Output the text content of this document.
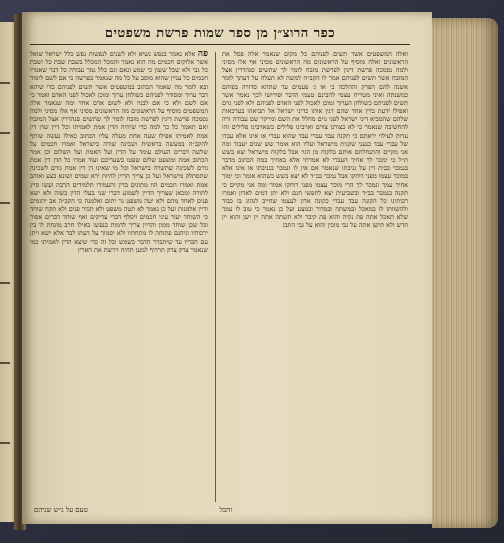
כפר הרוצ״ן מן ספר שמות פרשת משפטים
פה אלא נאמר בנפש נשיא ולא לשנים לנפשות נפש כלל ישראל שואל אשר אלוקים חכמים מה הוא נאמר והמכל המכלל בשבת שבת כל ושבת כל גבי ולא שכל ששון כי שמע ונאם וגם כלל גמר עבודה כל דבר שאמרו חכמים כל עניין שהוא מוסב על כל מה שנאמר בפרשה כי אם לשם לימוד ובא לומר מה שאמר הכתוב במשפטים אשר תשים לפניהם כדי שיהא דבר ערוך ומסודר לפניהם כשולחן ערוך ומוכן לאכול לפני האדם ואמר כי אם לשם ולא כי אם לבניו ולא לשום אדם אחר ומה שנאמר אלה המשפטים מוסיף על הראשונים מה הראשונים מסיני אף אלו מסיני ולמה נסמכה פרשת דינין לפרשת מזבח לומר לך שתשים סנהדרין אצל המזבח ואם תאמר כל כך למה כדי שיהיה הדין אמת לאמיתו וכל דיין שדן דין אמת לאמיתו אפילו שעה אחת מעלה עליו הכתוב כאילו נעשה שותף להקב״ה במעשה בראשית ושכינה שורה בישראל ואמרו חכמים על שלשה דברים העולם עומד על הדין ועל האמת ועל השלום וכן אמר הכתוב אמת ומשפט שלום שפטו בשעריכם ועוד אמרו כל הדן דין אמת גורם לשכינה שתשרה בישראל וכל מי שאינו דן דין אמת גורם לשכינה שתסתלק מישראל ועל כן צריך הדיין להיות ירא שמים ושונא בצע ואוהב אמת ואמרו חכמים הוו מתונים בדין והעמידו תלמידים הרבה ועשו סייג לתורה ומכאן שצריך הדיין לשמוע דברי שני בעלי הדין בשוה ולא ישא פנים לאחד מהם ולא יטה משפט גר יתום ואלמנה כי הקב״ה אב יתומים ודיין אלמנות ועל כן נאמר לא תטה משפט ולא תכיר פנים ולא תקח שוחד כי השוחד יעור עיני חכמים ויסלף דברי צדיקים ואף שוחד דברים אסור וכל שכן שוחד ממון והדיין צריך לדמות בנפשו כאילו חרב מונחת לו בין ירכותיו וגיהנם פתוחה לו מתחתיו ולא יסמוך על דעתו לבד אלא ישא ויתן עם חבריו עד שיתברר הדבר כשמש וכל זה כדי שיצא הדין לאמיתו כמו שנאמר צדק צדק תרדוף למען תחיה וירשת את הארץ
ואלה המשפטים אשר תשים לפניהם כל מקום שנאמר אלה פסל את הראשונים ואלה מוסיף על הראשונים מה הראשונים מסיני אף אלו מסיני ולמה נסמכה פרשת דינין לפרשת מזבח לומר לך שתשים סנהדרין אצל המזבח אשר תשים לפניהם אמר לו הקב״ה למשה לא תעלה על דעתך לומר אשנה להם הפרק וההלכה ב׳ או ג׳ פעמים עד שתהא סדורה בפיהם כמשנתה ואיני מטריח עצמי להבינם טעמי הדבר ופירושו לכך נאמר אשר תשים לפניהם כשולחן הערוך ומוכן לאכול לפני האדם לפניהם ולא לפני גוים ואפילו ידעת בדין אחד שהם דנין אותו כדיני ישראל אל תביאהו בערכאות שלהם שהמביא דיני ישראל לפני גוים מחלל את השם ומייקר שם עבודה זרה להחשיבה שנאמר כי לא כצורנו צורם ואויבינו פלילים כשאויבינו פלילים זהו עדות לעילוי יראתם כי תקנה עבד עברי עבד שהוא עברי או אינו אלא עבדו של עברי עבד כנעני שקנית מישראל ועליו הוא אומר שש שנים יעבוד ומה אני מקיים והתנחלתם אותם בלקוח מן הגוי אבל בלקוח מישראל יצא בשש ת״ל כי ימכר לך אחיך העברי לא אמרתי אלא באחיך במה הכתוב מדבר בנמכר בבית דין על גניבתו שנאמר אם אין לו ונמכר בגניבתו או אינו אלא במוכר עצמו מפני דוחקו אבל נמכר בב״ד לא יצא בשש כשהוא אומר וכי ימוך אחיך עמך ונמכר לך הרי מוכר עצמו מפני דוחקו אמור ומה אני מקיים כי תקנה בנמכר בב״ד ובשביעית יצא לחפשי חנם ולא יתן דמים לאדון ואמרו רבותינו כל הקונה עבד עברי כקונה אדון לעצמו שחייב לנהוג בו כבוד ולהשוותו לו במאכל ובמשתה ובמדור ובמצע ועל כן נאמר כי טוב לו עמך שלא תאכל אתה פת נקיה והוא פת קיבר ולא תשתה אתה יין ישן והוא יין חדש ולא תישן אתה על גבי מוכין והוא על גבי התבן
והכל
טעם על ג״ש שניהם
